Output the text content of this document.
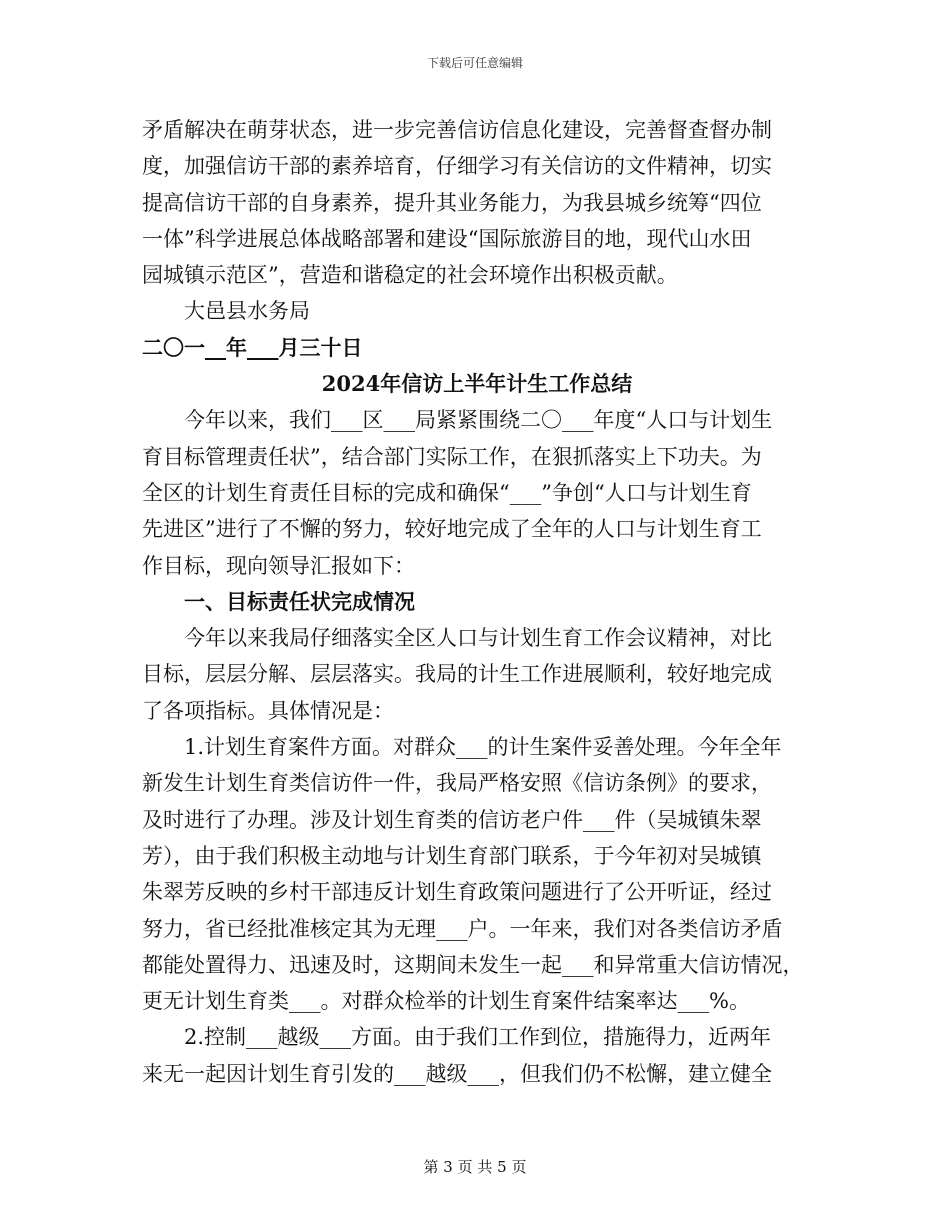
下载后可任意编辑
矛盾解决在萌芽状态，进一步完善信访信息化建设，完善督查督办制
度，加强信访干部的素养培育，仔细学习有关信访的文件精神，切实
提高信访干部的自身素养，提升其业务能力，为我县城乡统筹“四位
一体”科学进展总体战略部署和建设“国际旅游目的地，现代山水田
园城镇示范区”，营造和谐稳定的社会环境作出积极贡献。
大邑县水务局
二〇一__年___月三十日
2024年信访上半年计生工作总结
今年以来，我们___区___局紧紧围绕二〇___年度“人口与计划生
育目标管理责任状”，结合部门实际工作，在狠抓落实上下功夫。为
全区的计划生育责任目标的完成和确保“___”争创“人口与计划生育
先进区”进行了不懈的努力，较好地完成了全年的人口与计划生育工
作目标，现向领导汇报如下：
一、目标责任状完成情况
今年以来我局仔细落实全区人口与计划生育工作会议精神，对比
目标，层层分解、层层落实。我局的计生工作进展顺利，较好地完成
了各项指标。具体情况是：
1.计划生育案件方面。对群众___的计生案件妥善处理。今年全年
新发生计划生育类信访件一件，我局严格安照《信访条例》的要求，
及时进行了办理。涉及计划生育类的信访老户件___件（吴城镇朱翠
芳），由于我们积极主动地与计划生育部门联系，于今年初对吴城镇
朱翠芳反映的乡村干部违反计划生育政策问题进行了公开听证，经过
努力，省已经批准核定其为无理___户。一年来，我们对各类信访矛盾
都能处置得力、迅速及时，这期间未发生一起___和异常重大信访情况，
更无计划生育类___。对群众检举的计划生育案件结案率达___%。
2.控制___越级___方面。由于我们工作到位，措施得力，近两年
来无一起因计划生育引发的___越级___，但我们仍不松懈，建立健全
第 3 页 共 5 页
